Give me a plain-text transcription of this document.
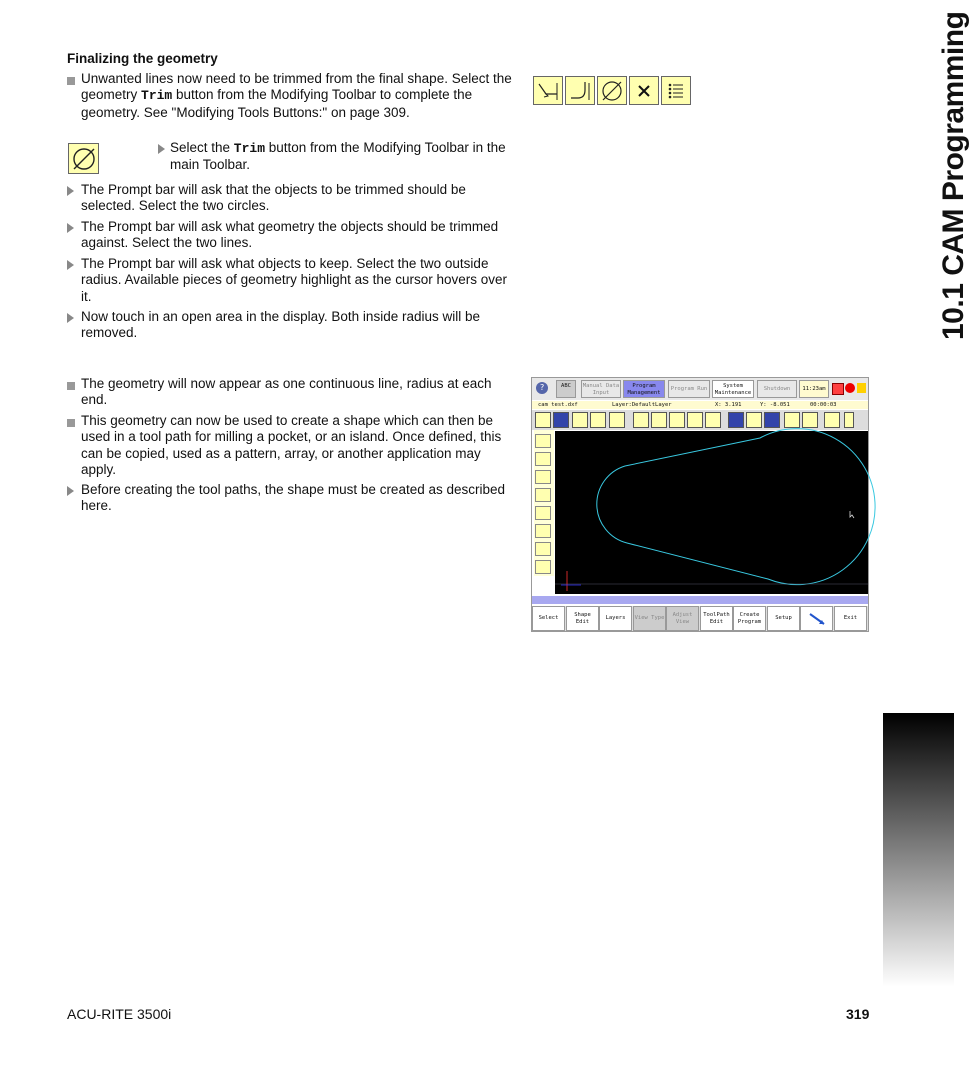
10.1 CAM Programming
Finalizing the geometry
Unwanted lines now need to be trimmed from the final shape. Select the geometry Trim button from the Modifying Toolbar to complete the geometry. See "Modifying Tools Buttons:" on page 309.
Select the Trim button from the Modifying Toolbar in the main Toolbar.
The Prompt bar will ask that the objects to be trimmed should be selected. Select the two circles.
The Prompt bar will ask what geometry the objects should be trimmed against. Select the two lines.
The Prompt bar will ask what objects to keep. Select the two outside radius. Available pieces of geometry highlight as the cursor hovers over it.
Now touch in an open area in the display. Both inside radius will be removed.
The geometry will now appear as one continuous line, radius at each end.
This geometry can now be used to create a shape which can then be used in a tool path for milling a pocket, or an island. Once defined, this can be copied, used as a pattern, array, or another application may apply.
Before creating the tool paths, the shape must be created as described here.
?	ABC	Manual Data Input
Program Management
Program Run	System Maintenance
Shutdown	11:23am
cam test.dxf	Layer:DefaultLayer	X: 3.191	Y: -8.051	00:00:03
Select
Shape Edit
Layers	View Type
Adjust View
ToolPath Edit
Create Program
Setup	Exit
ACU-RITE 3500i	319
